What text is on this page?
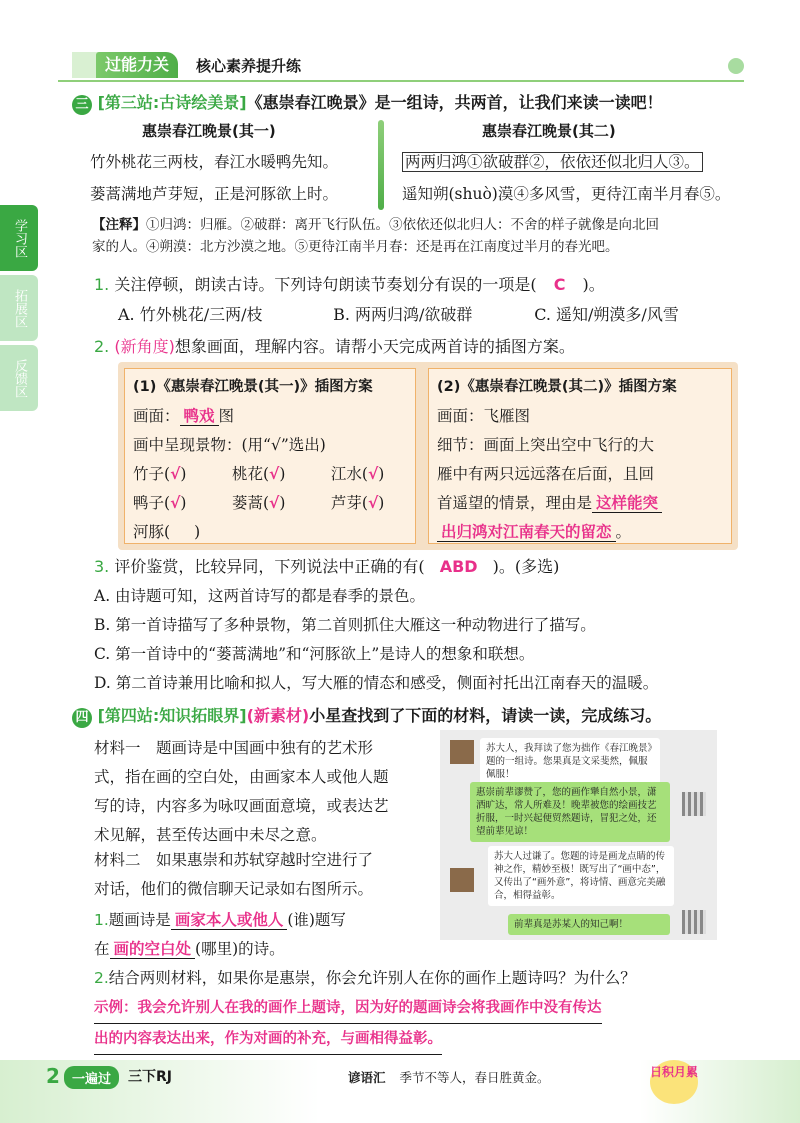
过能力关	核心素养提升练
学习区
拓展区
反馈区
三 [第三站:古诗绘美景]《惠崇春江晚景》是一组诗，共两首，让我们来读一读吧！
惠崇春江晚景(其一)
竹外桃花三两枝，春江水暖鸭先知。
蒌蒿满地芦芽短，正是河豚欲上时。
惠崇春江晚景(其二)
两两归鸿①欲破群②，依依还似北归人③。
遥知朔(shuò)漠④多风雪，更待江南半月春⑤。
【注释】①归鸿：归雁。②破群：离开飞行队伍。③依依还似北归人：不舍的样子就像是向北回
家的人。④朔漠：北方沙漠之地。⑤更待江南半月春：还是再在江南度过半月的春光吧。
1. 关注停顿，朗读古诗。下列诗句朗读节奏划分有误的一项是( C )。
A. 竹外桃花/三两/枝	B. 两两归鸿/欲破群	C. 遥知/朔漠多/风雪
2. (新角度)想象画面，理解内容。请帮小天完成两首诗的插图方案。
(1)《惠崇春江晚景(其一)》插图方案
画面： 鸭戏 图
画中呈现景物：(用“√”选出)
竹子(√)	桃花(√)	江水(√)
鸭子(√)	蒌蒿(√)	芦芽(√)
河豚( )
(2)《惠崇春江晚景(其二)》插图方案
画面：飞雁图
细节：画面上突出空中飞行的大
雁中有两只远远落在后面，且回
首遥望的情景，理由是 这样能突
出归鸿对江南春天的留恋 。
3. 评价鉴赏，比较异同，下列说法中正确的有( ABD )。(多选)
A. 由诗题可知，这两首诗写的都是春季的景色。
B. 第一首诗描写了多种景物，第二首则抓住大雁这一种动物进行了描写。
C. 第一首诗中的“蒌蒿满地”和“河豚欲上”是诗人的想象和联想。
D. 第二首诗兼用比喻和拟人，写大雁的情态和感受，侧面衬托出江南春天的温暖。
四 [第四站:知识拓眼界](新素材)小星查找到了下面的材料，请读一读，完成练习。
材料一　题画诗是中国画中独有的艺术形
式，指在画的空白处，由画家本人或他人题
写的诗，内容多为咏叹画面意境，或表达艺
术见解，甚至传达画中未尽之意。
材料二　如果惠崇和苏轼穿越时空进行了
对话，他们的微信聊天记录如右图所示。
苏大人，我拜读了您为拙作《春江晚景》题的一组诗。您果真是文采斐然，佩服佩服！
惠崇前辈谬赞了，您的画作犟自然小景，潇洒旷达，常人所难及！晚辈被您的绘画技艺折服，一时兴起便贸然题诗，冒犯之处，还望前辈见谅！
苏大人过谦了。您题的诗是画龙点睛的传神之作，精妙至极！既写出了“画中态”，又传出了“画外意”，将诗情、画意完美融合，相得益彰。
前辈真是苏某人的知己啊！
1.题画诗是 画家本人或他人 (谁)题写
在 画的空白处 (哪里)的诗。
2.结合两则材料，如果你是惠崇，你会允许别人在你的画作上题诗吗？为什么？
示例：我会允许别人在我的画作上题诗，因为好的题画诗会将我画作中没有传达
出的内容表达出来，作为对画的补充，与画相得益彰。
2 一遍过	三下RJ	谚语汇 季节不等人，春日胜黄金。	日积月累
